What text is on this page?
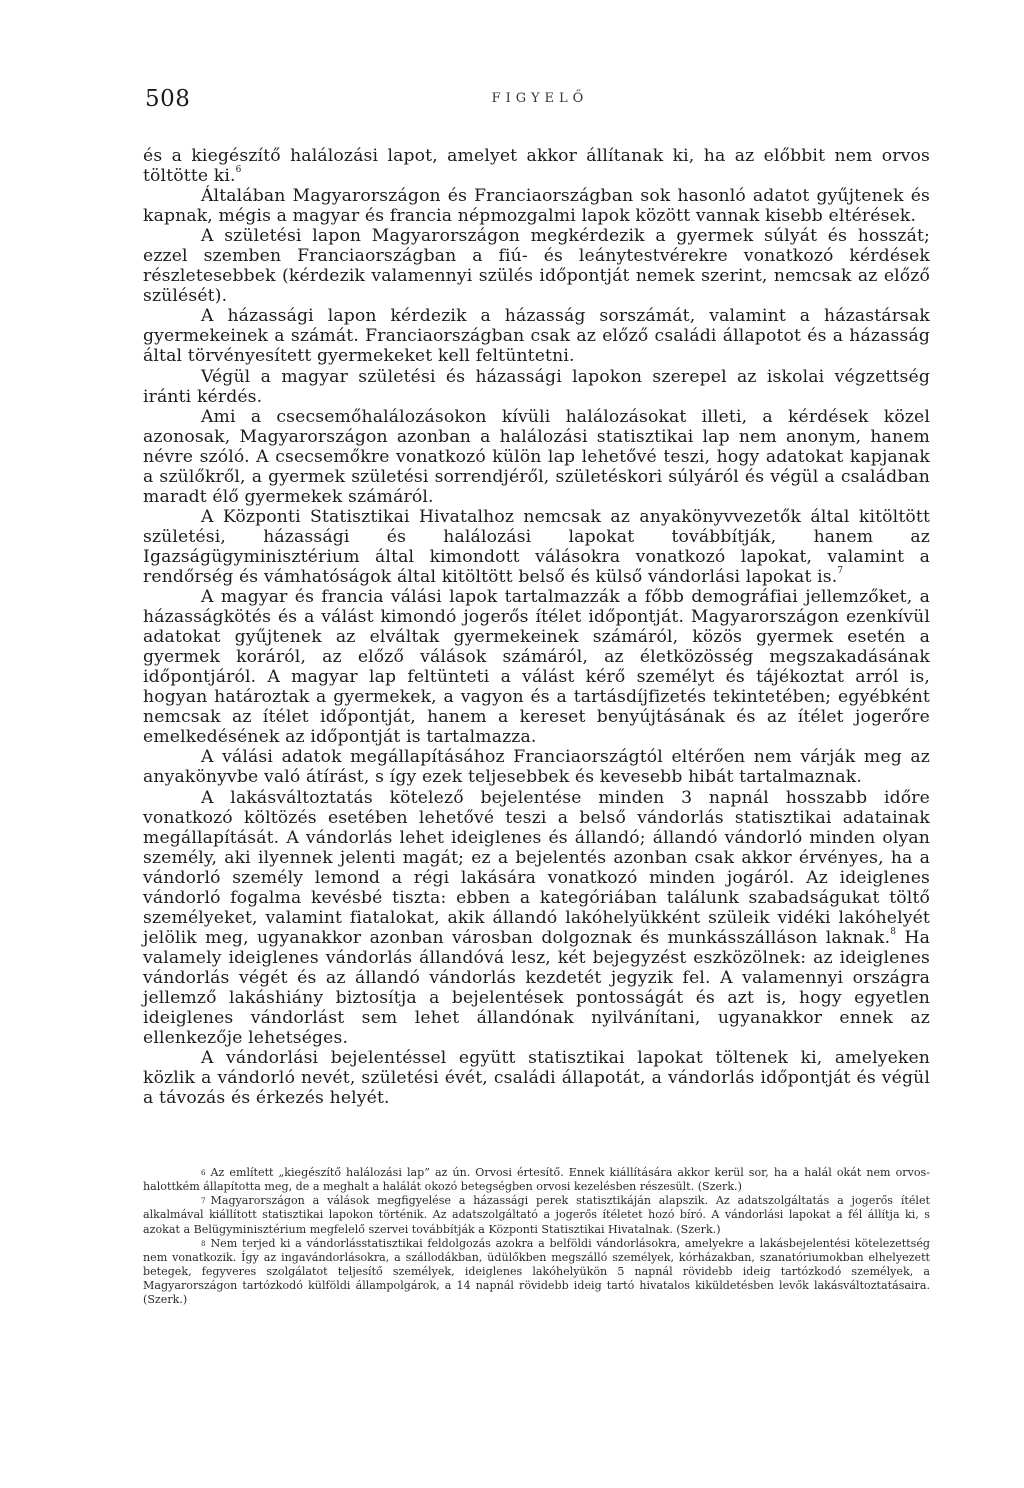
508	FIGYELŐ

és a kiegészítő halálozási lapot, amelyet akkor állítanak ki, ha az előbbit nem orvos töltötte ki.$^6$

Általában Magyarországon és Franciaországban sok hasonló adatot gyűjtenek és kapnak, mégis a magyar és francia népmozgalmi lapok között vannak kisebb eltérések.

A születési lapon Magyarországon megkérdezik a gyermek súlyát és hosszát; ezzel szemben Franciaországban a fiú- és leánytestvérekre vonatkozó kérdések részletesebbek (kérdezik valamennyi szülés időpontját nemek szerint, nemcsak az előző szülését).

A házassági lapon kérdezik a házasság sorszámát, valamint a házastársak gyermekeinek a számát. Franciaországban csak az előző családi állapotot és a házasság által törvényesített gyermekeket kell feltüntetni.

Végül a magyar születési és házassági lapokon szerepel az iskolai végzettség iránti kérdés.

Ami a csecsemőhalálozásokon kívüli halálozásokat illeti, a kérdések közel azonosak, Magyarországon azonban a halálozási statisztikai lap nem anonym, hanem névre szóló. A csecsemőkre vonatkozó külön lap lehetővé teszi, hogy adatokat kapjanak a szülőkről, a gyermek születési sorrendjéről, születéskori súlyáról és végül a családban maradt élő gyermekek számáról.

A Központi Statisztikai Hivatalhoz nemcsak az anyakönyvvezetők által kitöltött születési, házassági és halálozási lapokat továbbítják, hanem az Igazságügyminisztérium által kimondott válásokra vonatkozó lapokat, valamint a rendőrség és vámhatóságok által kitöltött belső és külső vándorlási lapokat is.$^7$

A magyar és francia válási lapok tartalmazzák a főbb demográfiai jellemzőket, a házasságkötés és a válást kimondó jogerős ítélet időpontját. Magyarországon ezenkívül adatokat gyűjtenek az elváltak gyermekeinek számáról, közös gyermek esetén a gyermek koráról, az előző válások számáról, az életközösség megszakadásának időpontjáról. A magyar lap feltünteti a válást kérő személyt és tájékoztat arról is, hogyan határoztak a gyermekek, a vagyon és a tartásdíjfizetés tekintetében; egyébként nemcsak az ítélet időpontját, hanem a kereset benyújtásának és az ítélet jogerőre emelkedésének az időpontját is tartalmazza.

A válási adatok megállapításához Franciaországtól eltérően nem várják meg az anyakönyvbe való átírást, s így ezek teljesebbek és kevesebb hibát tartalmaznak.

A lakásváltoztatás kötelező bejelentése minden 3 napnál hosszabb időre vonatkozó költözés esetében lehetővé teszi a belső vándorlás statisztikai adatainak megállapítását. A vándorlás lehet ideiglenes és állandó; állandó vándorló minden olyan személy, aki ilyennek jelenti magát; ez a bejelentés azonban csak akkor érvényes, ha a vándorló személy lemond a régi lakására vonatkozó minden jogáról. Az ideiglenes vándorló fogalma kevésbé tiszta: ebben a kategóriában találunk szabadságukat töltő személyeket, valamint fiatalokat, akik állandó lakóhelyükként szüleik vidéki lakóhelyét jelölik meg, ugyanakkor azonban városban dolgoznak és munkásszálláson laknak.$^8$ Ha valamely ideiglenes vándorlás állandóvá lesz, két bejegyzést eszközölnek: az ideiglenes vándorlás végét és az állandó vándorlás kezdetét jegyzik fel. A valamennyi országra jellemző lakáshiány biztosítja a bejelentések pontosságát és azt is, hogy egyetlen ideiglenes vándorlást sem lehet állandónak nyilvánítani, ugyanakkor ennek az ellenkezője lehetséges.

A vándorlási bejelentéssel együtt statisztikai lapokat töltenek ki, amelyeken közlik a vándorló nevét, születési évét, családi állapotát, a vándorlás időpontját és végül a távozás és érkezés helyét.

$^6$ Az említett „kiegészítő halálozási lap” az ún. Orvosi értesítő. Ennek kiállítására akkor kerül sor, ha a halál okát nem orvos-halottkém állapította meg, de a meghalt a halálát okozó betegségben orvosi kezelésben részesült. (Szerk.)

$^7$ Magyarországon a válások megfigyelése a házassági perek statisztikáján alapszik. Az adatszolgáltatás a jogerős ítélet alkalmával kiállított statisztikai lapokon történik. Az adatszolgáltató a jogerős ítéletet hozó bíró. A vándorlási lapokat a fél állítja ki, s azokat a Belügyminisztérium megfelelő szervei továbbítják a Központi Statisztikai Hivatalnak. (Szerk.)

$^8$ Nem terjed ki a vándorlásstatisztikai feldolgozás azokra a belföldi vándorlásokra, amelyekre a lakásbejelentési kötelezettség nem vonatkozik. Így az ingavándorlásokra, a szállodákban, üdülőkben megszálló személyek, kórházakban, szanatóriumokban elhelyezett betegek, fegyveres szolgálatot teljesítő személyek, ideiglenes lakóhelyükön 5 napnál rövidebb ideig tartózkodó személyek, a Magyarországon tartózkodó külföldi állampolgárok, a 14 napnál rövidebb ideig tartó hivatalos kiküldetésben levők lakásváltoztatásaira. (Szerk.)
